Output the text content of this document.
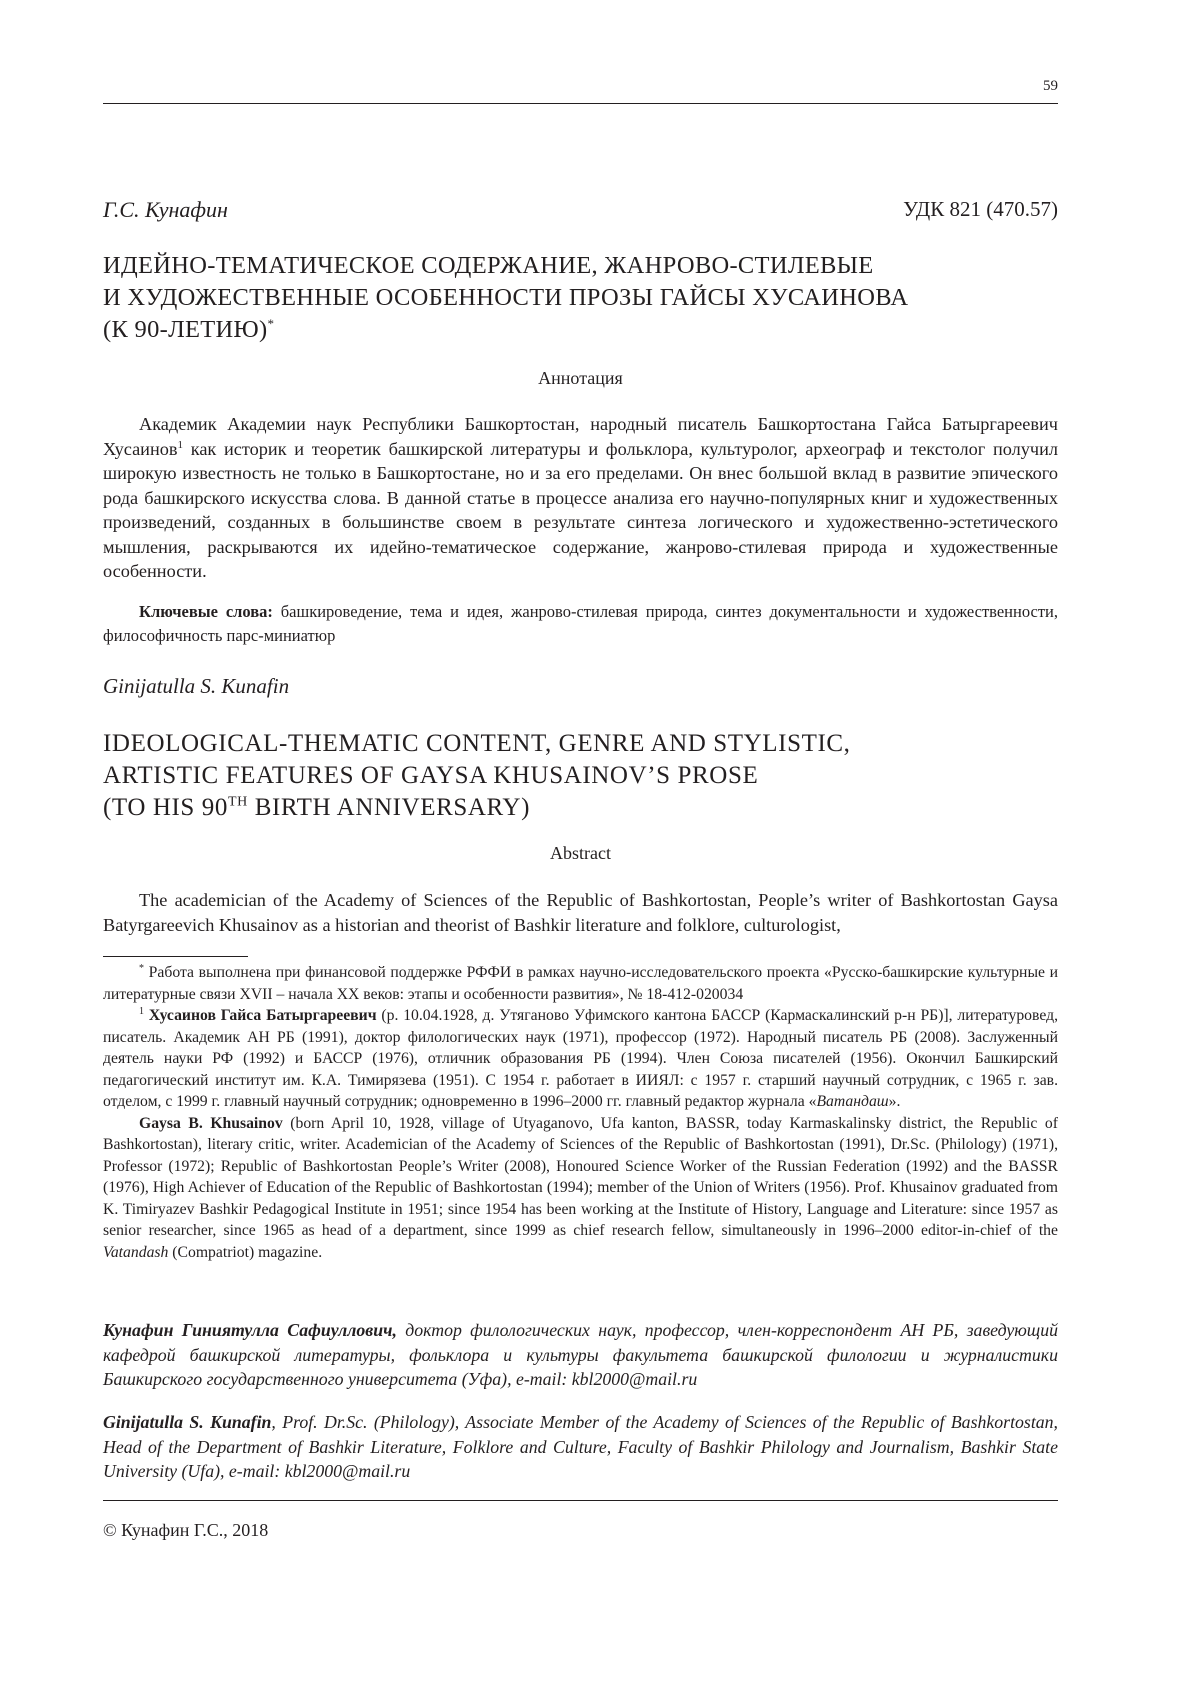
59
Г.С. Кунафин	УДК 821 (470.57)
ИДЕЙНО-ТЕМАТИЧЕСКОЕ СОДЕРЖАНИЕ, ЖАНРОВО-СТИЛЕВЫЕ
И ХУДОЖЕСТВЕННЫЕ ОСОБЕННОСТИ ПРОЗЫ ГАЙСЫ ХУСАИНОВА
(К 90-ЛЕТИЮ)*
Аннотация
Академик Академии наук Республики Башкортостан, народный писатель Башкортостана Гайса Батыргареевич Хусаинов$^1$ как историк и теоретик башкирской литературы и фольклора, культуролог, археограф и текстолог получил широкую известность не только в Башкортостане, но и за его пределами. Он внес большой вклад в развитие эпического рода башкирского искусства слова. В данной статье в процессе анализа его научно-популярных книг и художественных произведений, созданных в большинстве своем в результате синтеза логического и художественно-эстетического мышления, раскрываются их идейно-тематическое содержание, жанрово-стилевая природа и художественные особенности.
Ключевые слова: башкироведение, тема и идея, жанрово-стилевая природа, синтез документальности и художественности, философичность парс-миниатюр
Ginijatulla S. Kunafin
IDEOLOGICAL-THEMATIC CONTENT, GENRE AND STYLISTIC,
ARTISTIC FEATURES OF GAYSA KHUSAINOV’S PROSE
(TO HIS 90TH BIRTH ANNIVERSARY)
Abstract
The academician of the Academy of Sciences of the Republic of Bashkortostan, People’s writer of Bashkortostan Gaysa Batyrgareevich Khusainov as a historian and theorist of Bashkir literature and folklore, culturologist,

* Работа выполнена при финансовой поддержке РФФИ в рамках научно-исследовательского проекта «Русско-башкирские культурные и литературные связи XVII – начала XX веков: этапы и особенности развития», № 18-412-020034

$^1$ Хусаинов Гайса Батыргареевич (р. 10.04.1928, д. Утяганово Уфимского кантона БАССР (Кармаскалинский р-н РБ)], литературовед, писатель. Академик АН РБ (1991), доктор филологических наук (1971), профессор (1972). Народный писатель РБ (2008). Заслуженный деятель науки РФ (1992) и БАССР (1976), отличник образования РБ (1994). Член Союза писателей (1956). Окончил Башкирский педагогический институт им. К.А. Тимирязева (1951). С 1954 г. работает в ИИЯЛ: с 1957 г. старший научный сотрудник, с 1965 г. зав. отделом, с 1999 г. главный научный сотрудник; одновременно в 1996–2000 гг. главный редактор журнала «Ватандаш».

Gaysa B. Khusainov (born April 10, 1928, village of Utyaganovo, Ufa kanton, BASSR, today Karmaskalinsky district, the Republic of Bashkortostan), literary critic, writer. Academician of the Academy of Sciences of the Republic of Bashkortostan (1991), Dr.Sc. (Philology) (1971), Professor (1972); Republic of Bashkortostan People’s Writer (2008), Honoured Science Worker of the Russian Federation (1992) and the BASSR (1976), High Achiever of Education of the Republic of Bashkortostan (1994); member of the Union of Writers (1956). Prof. Khusainov graduated from K. Timiryazev Bashkir Pedagogical Institute in 1951; since 1954 has been working at the Institute of History, Language and Literature: since 1957 as senior researcher, since 1965 as head of a department, since 1999 as chief research fellow, simultaneously in 1996–2000 editor-in-chief of the Vatandash (Compatriot) magazine.

Кунафин Гиниятулла Сафиуллович, доктор филологических наук, профессор, член-корреспондент АН РБ, заведующий кафедрой башкирской литературы, фольклора и культуры факультета башкирской филологии и журналистики Башкирского государственного университета (Уфа), e-mail: kbl2000@mail.ru
Ginijatulla S. Kunafin, Prof. Dr.Sc. (Philology), Associate Member of the Academy of Sciences of the Republic of Bashkortostan, Head of the Department of Bashkir Literature, Folklore and Culture, Faculty of Bashkir Philology and Journalism, Bashkir State University (Ufa), e-mail: kbl2000@mail.ru
© Кунафин Г.С., 2018
